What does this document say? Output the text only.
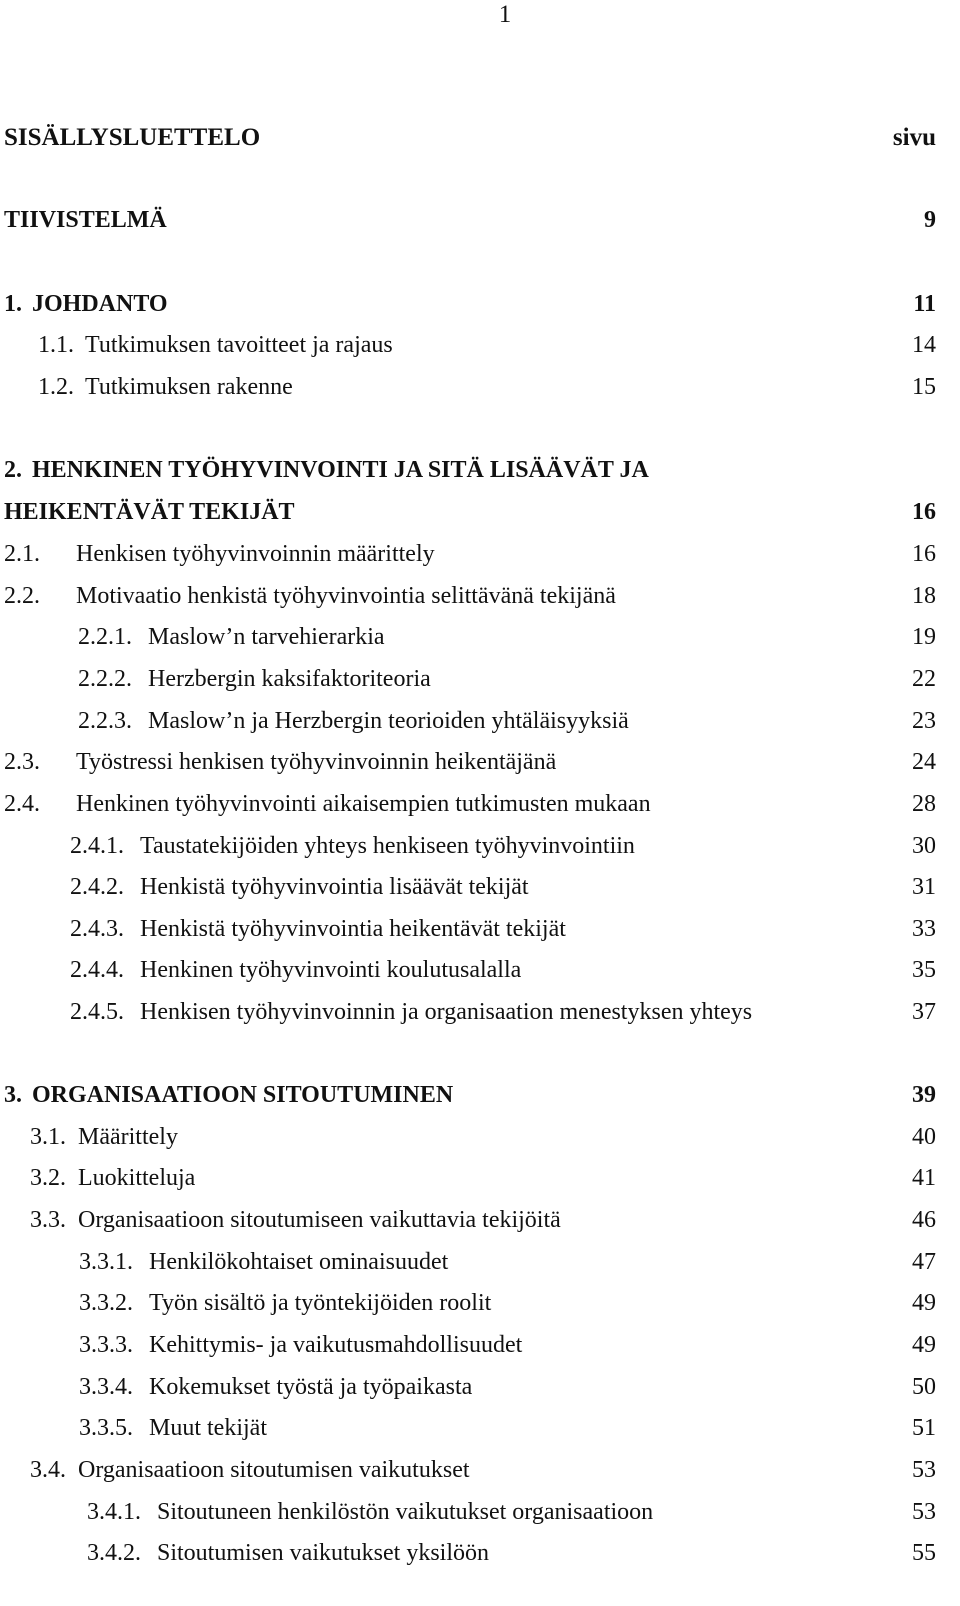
1
SISÄLLYSLUETTELO	sivu
TIIVISTELMÄ	9
1. JOHDANTO	11
1.1. Tutkimuksen tavoitteet ja rajaus	14
1.2. Tutkimuksen rakenne	15
2. HENKINEN TYÖHYVINVOINTI JA SITÄ LISÄÄVÄT JA
HEIKENTÄVÄT TEKIJÄT	16
2.1. Henkisen työhyvinvoinnin määrittely	16
2.2. Motivaatio henkistä työhyvinvointia selittävänä tekijänä	18
2.2.1. Maslow’n tarvehierarkia	19
2.2.2. Herzbergin kaksifaktoriteoria	22
2.2.3. Maslow’n ja Herzbergin teorioiden yhtäläisyyksiä	23
2.3. Työstressi henkisen työhyvinvoinnin heikentäjänä	24
2.4. Henkinen työhyvinvointi aikaisempien tutkimusten mukaan	28
2.4.1. Taustatekijöiden yhteys henkiseen työhyvinvointiin	30
2.4.2. Henkistä työhyvinvointia lisäävät tekijät	31
2.4.3. Henkistä työhyvinvointia heikentävät tekijät	33
2.4.4. Henkinen työhyvinvointi koulutusalalla	35
2.4.5. Henkisen työhyvinvoinnin ja organisaation menestyksen yhteys	37
3. ORGANISAATIOON SITOUTUMINEN	39
3.1. Määrittely	40
3.2. Luokitteluja	41
3.3. Organisaatioon sitoutumiseen vaikuttavia tekijöitä	46
3.3.1. Henkilökohtaiset ominaisuudet	47
3.3.2. Työn sisältö ja työntekijöiden roolit	49
3.3.3. Kehittymis- ja vaikutusmahdollisuudet	49
3.3.4. Kokemukset työstä ja työpaikasta	50
3.3.5. Muut tekijät	51
3.4. Organisaatioon sitoutumisen vaikutukset	53
3.4.1. Sitoutuneen henkilöstön vaikutukset organisaatioon	53
3.4.2. Sitoutumisen vaikutukset yksilöön	55
